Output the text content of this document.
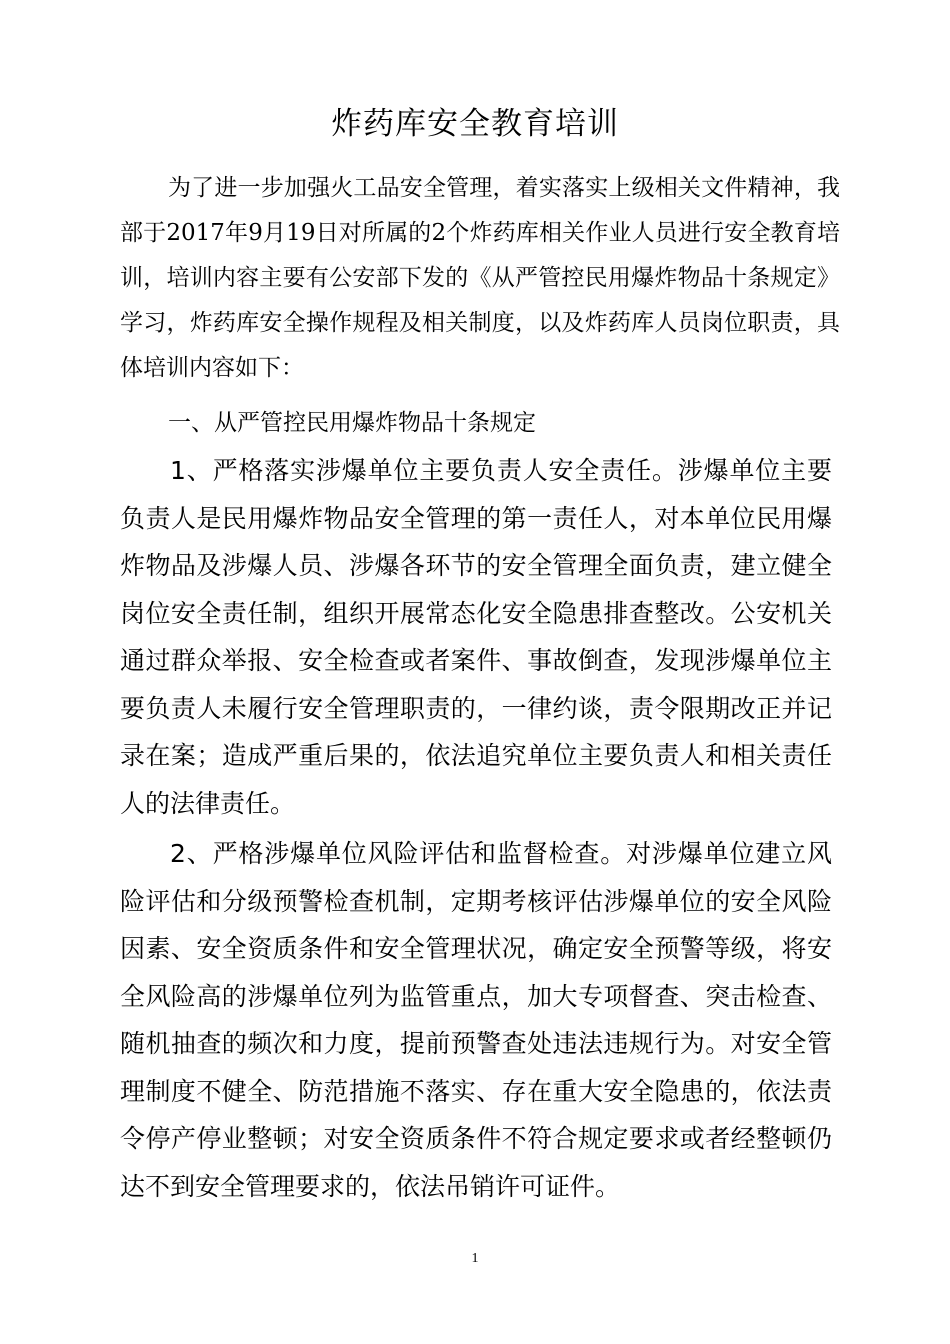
炸药库安全教育培训

为了进一步加强火工品安全管理，着实落实上级相关文件精神，我部于2017年9月19日对所属的2个炸药库相关作业人员进行安全教育培训，培训内容主要有公安部下发的《从严管控民用爆炸物品十条规定》学习，炸药库安全操作规程及相关制度，以及炸药库人员岗位职责，具体培训内容如下：

一、从严管控民用爆炸物品十条规定

1、严格落实涉爆单位主要负责人安全责任。涉爆单位主要负责人是民用爆炸物品安全管理的第一责任人，对本单位民用爆炸物品及涉爆人员、涉爆各环节的安全管理全面负责，建立健全岗位安全责任制，组织开展常态化安全隐患排查整改。公安机关通过群众举报、安全检查或者案件、事故倒查，发现涉爆单位主要负责人未履行安全管理职责的，一律约谈，责令限期改正并记录在案；造成严重后果的，依法追究单位主要负责人和相关责任人的法律责任。

2、严格涉爆单位风险评估和监督检查。对涉爆单位建立风险评估和分级预警检查机制，定期考核评估涉爆单位的安全风险因素、安全资质条件和安全管理状况，确定安全预警等级，将安全风险高的涉爆单位列为监管重点，加大专项督查、突击检查、随机抽查的频次和力度，提前预警查处违法违规行为。对安全管理制度不健全、防范措施不落实、存在重大安全隐患的，依法责令停产停业整顿；对安全资质条件不符合规定要求或者经整顿仍达不到安全管理要求的，依法吊销许可证件。

1
